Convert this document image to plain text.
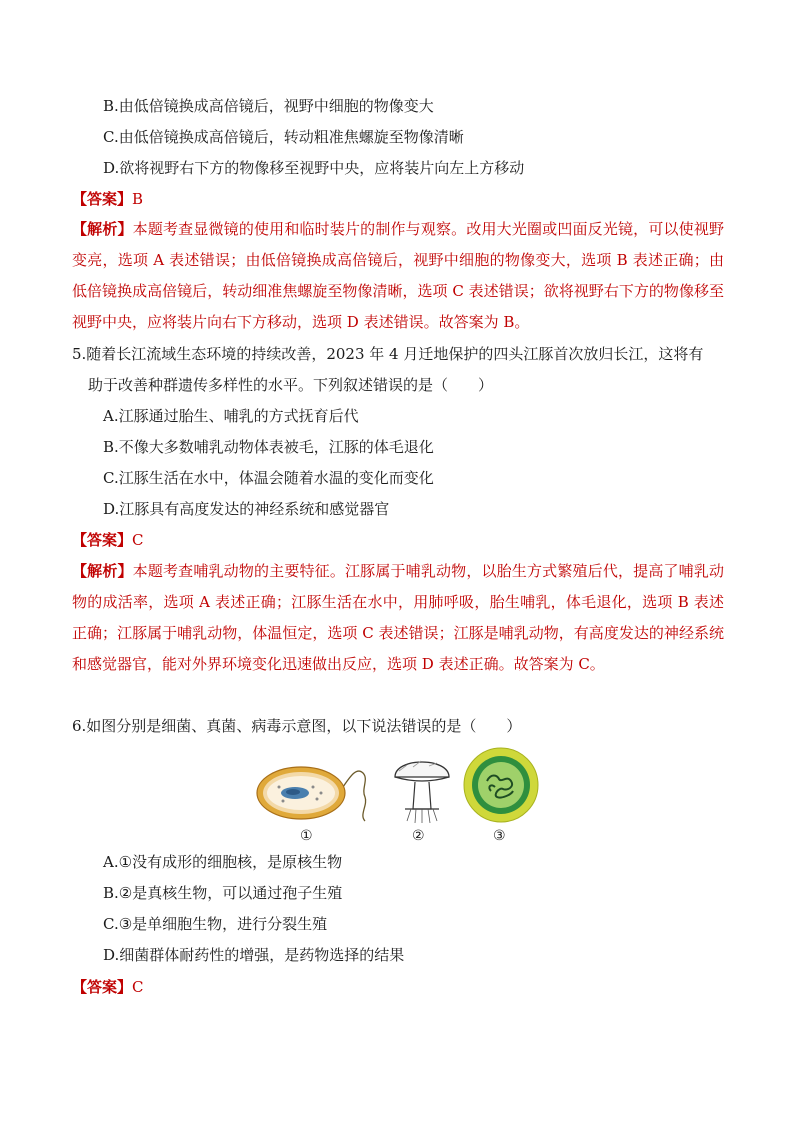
B.由低倍镜换成高倍镜后，视野中细胞的物像变大
C.由低倍镜换成高倍镜后，转动粗准焦螺旋至物像清晰
D.欲将视野右下方的物像移至视野中央，应将装片向左上方移动
【答案】B
【解析】本题考查显微镜的使用和临时装片的制作与观察。改用大光圈或凹面反光镜，可以使视野变亮，选项 A 表述错误；由低倍镜换成高倍镜后，视野中细胞的物像变大，选项 B 表述正确；由低倍镜换成高倍镜后，转动细准焦螺旋至物像清晰，选项 C 表述错误；欲将视野右下方的物像移至视野中央，应将装片向右下方移动，选项 D 表述错误。故答案为 B。
5.随着长江流域生态环境的持续改善，2023 年 4 月迁地保护的四头江豚首次放归长江，这将有
助于改善种群遗传多样性的水平。下列叙述错误的是（　　）
A.江豚通过胎生、哺乳的方式抚育后代
B.不像大多数哺乳动物体表被毛，江豚的体毛退化
C.江豚生活在水中，体温会随着水温的变化而变化
D.江豚具有高度发达的神经系统和感觉器官
【答案】C
【解析】本题考查哺乳动物的主要特征。江豚属于哺乳动物，以胎生方式繁殖后代，提高了哺乳动物的成活率，选项 A 表述正确；江豚生活在水中，用肺呼吸，胎生哺乳，体毛退化，选项 B 表述正确；江豚属于哺乳动物，体温恒定，选项 C 表述错误；江豚是哺乳动物，有高度发达的神经系统和感觉器官，能对外界环境变化迅速做出反应，选项 D 表述正确。故答案为 C。
6.如图分别是细菌、真菌、病毒示意图，以下说法错误的是（　　）
①	②	③
A.①没有成形的细胞核，是原核生物
B.②是真核生物，可以通过孢子生殖
C.③是单细胞生物，进行分裂生殖
D.细菌群体耐药性的增强，是药物选择的结果
【答案】C
